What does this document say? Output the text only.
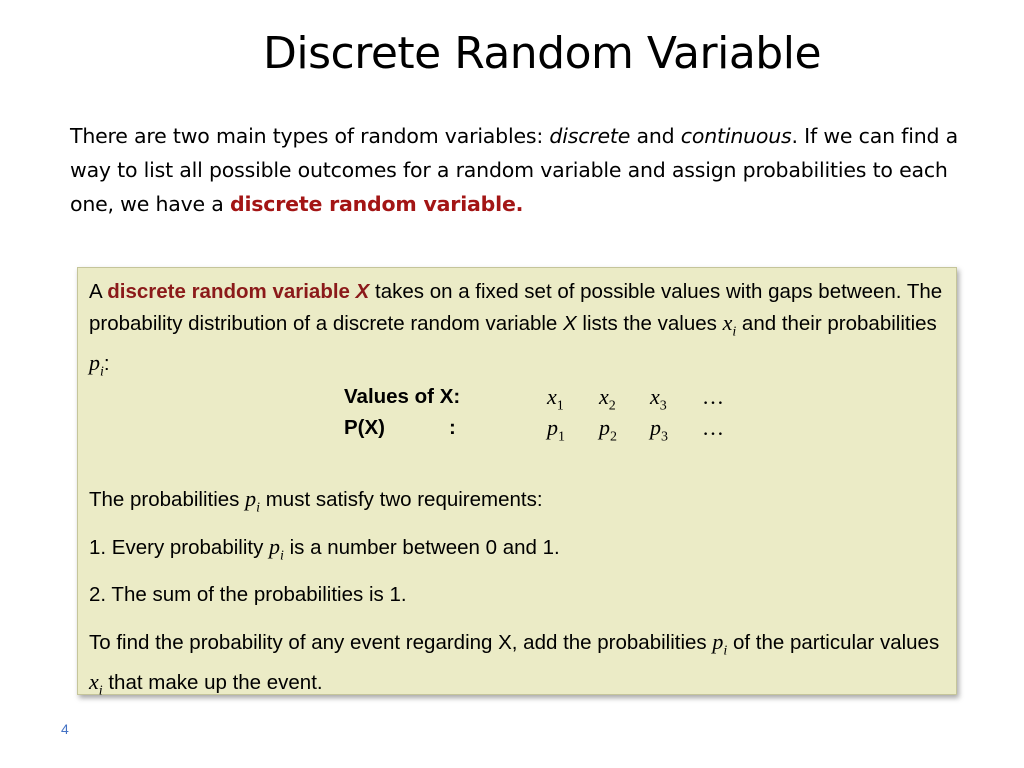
Discrete Random Variable
There are two main types of random variables: discrete and continuous. If we can find a way to list all possible outcomes for a random variable and assign probabilities to each one, we have a discrete random variable.
A discrete random variable X takes on a fixed set of possible values with gaps between. The probability distribution of a discrete random variable X lists the values $x_i$ and their probabilities $p_i$:
Values of X:
P(X)	:
$x_1$ $x_2$ $x_3$ …
$p_1$ $p_2$ $p_3$ …
The probabilities $p_i$ must satisfy two requirements:
1. Every probability $p_i$ is a number between 0 and 1.
2. The sum of the probabilities is 1.
To find the probability of any event regarding X, add the probabilities $p_i$ of the particular values $x_i$ that make up the event.
4
